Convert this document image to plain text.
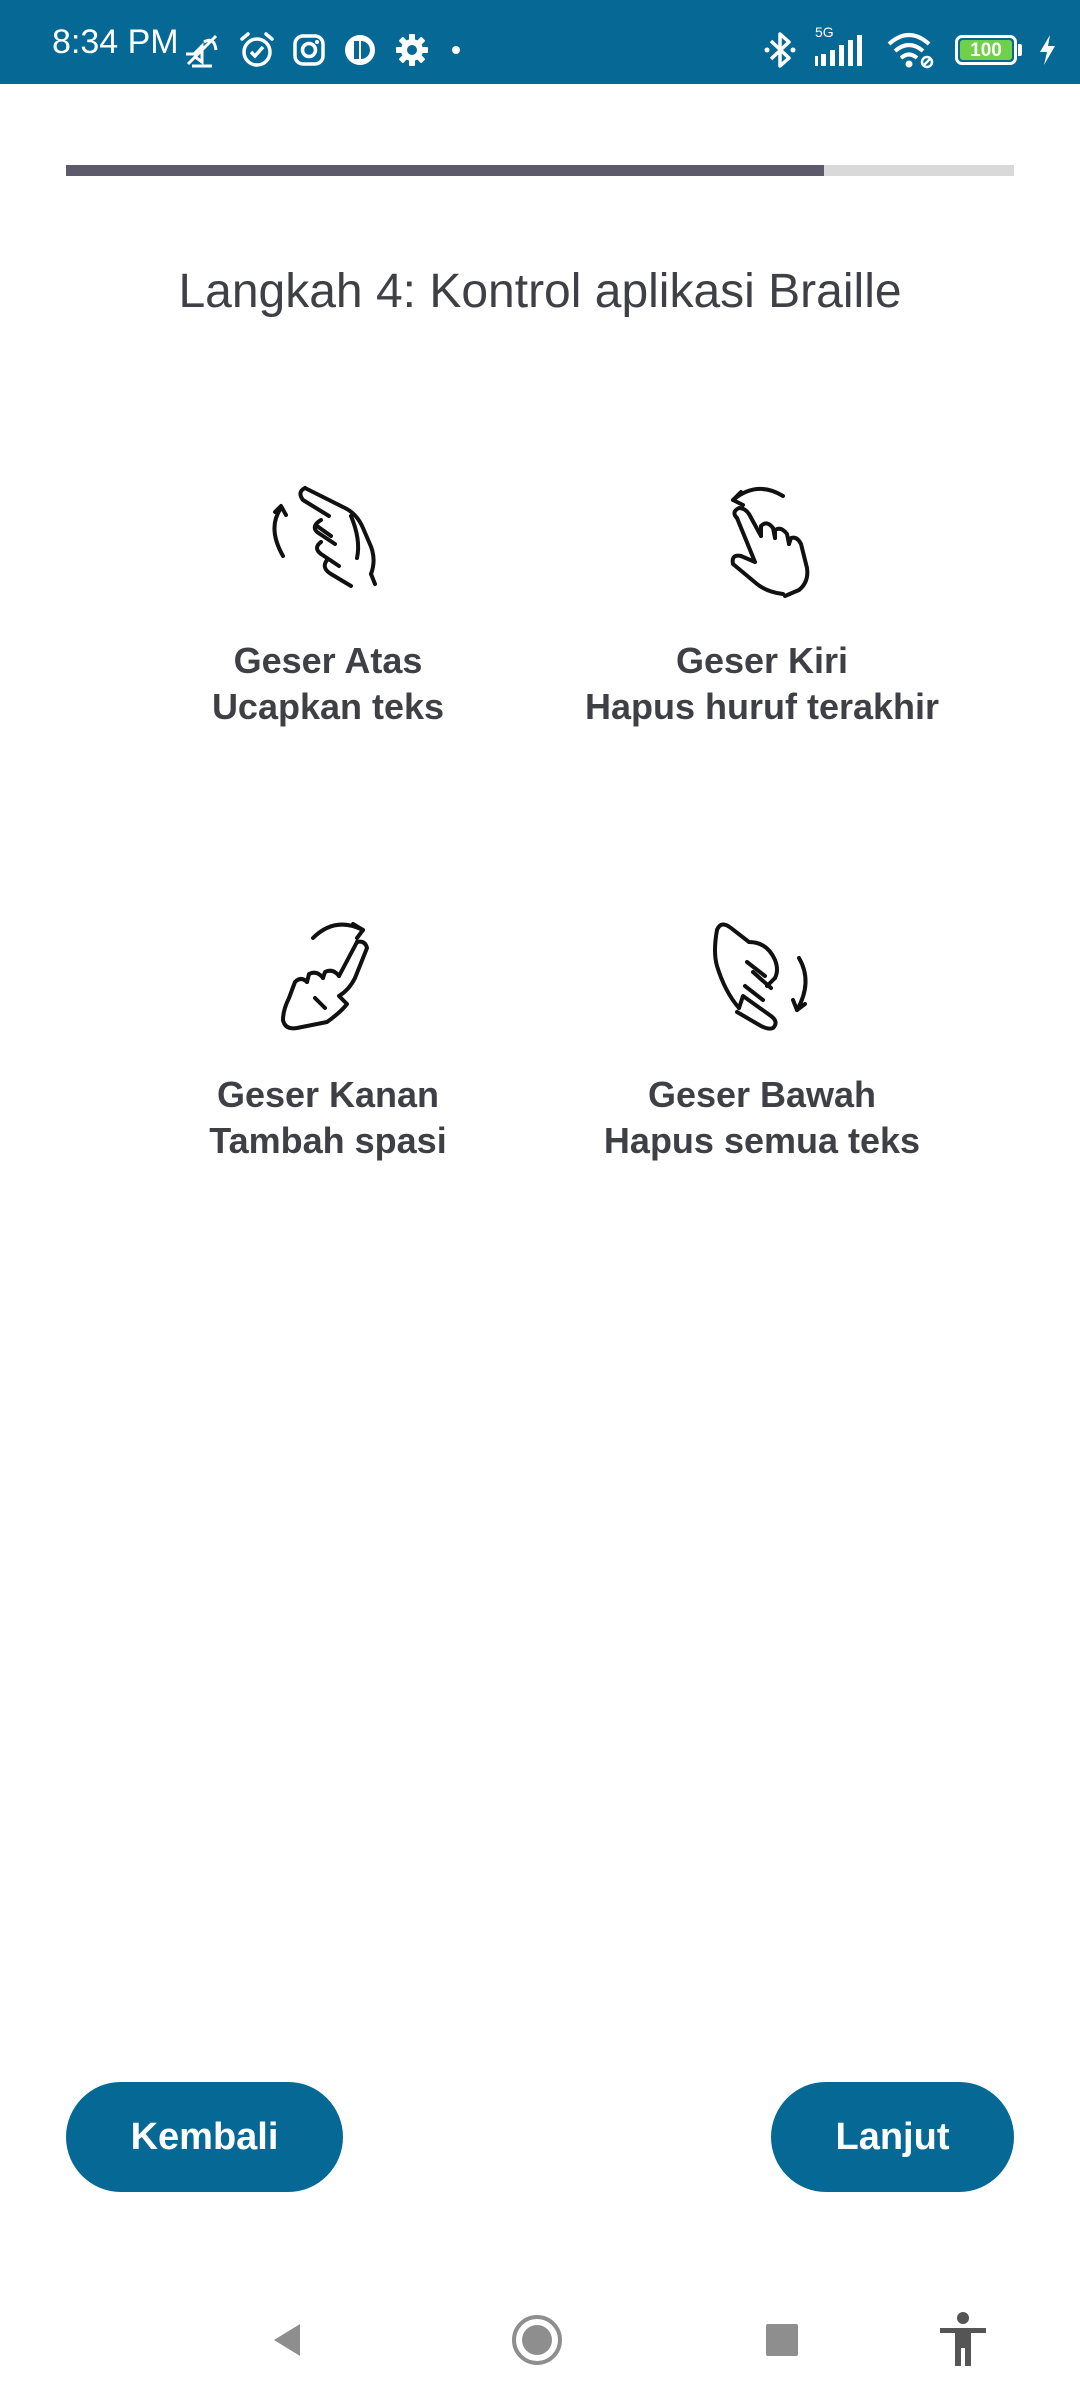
8:34 PM	5G
100
Langkah 4: Kontrol aplikasi Braille
Geser Atas
Ucapkan teks
Geser Kiri
Hapus huruf terakhir
Geser Kanan
Tambah spasi
Geser Bawah
Hapus semua teks
Kembali	Lanjut
